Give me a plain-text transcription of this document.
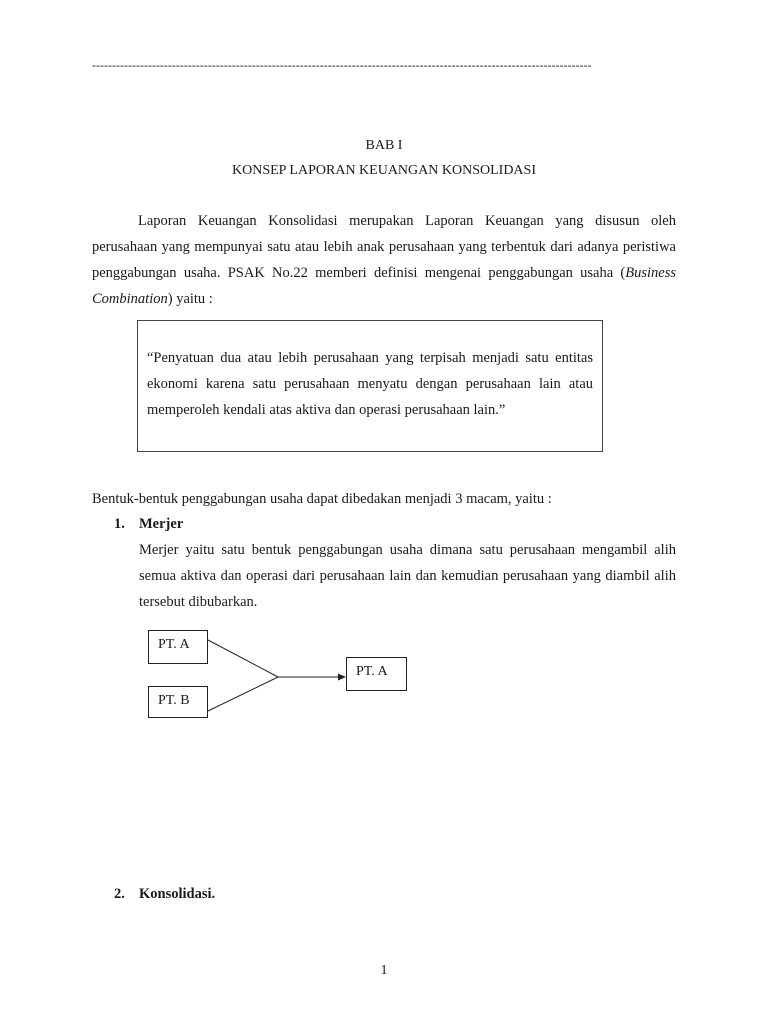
-----------------------------------------------------------------------------------------------------------------------------
BAB I
KONSEP LAPORAN KEUANGAN KONSOLIDASI
Laporan Keuangan Konsolidasi merupakan Laporan Keuangan yang disusun oleh perusahaan yang mempunyai satu atau lebih anak perusahaan yang terbentuk dari adanya peristiwa penggabungan usaha. PSAK No.22 memberi definisi mengenai penggabungan usaha (Business Combination) yaitu :
“Penyatuan dua atau lebih perusahaan yang terpisah menjadi satu entitas ekonomi karena satu perusahaan menyatu dengan perusahaan lain atau memperoleh kendali atas aktiva dan operasi perusahaan lain.”
Bentuk-bentuk penggabungan usaha dapat dibedakan menjadi 3 macam, yaitu :
1. Merjer
Merjer yaitu satu bentuk penggabungan usaha dimana satu perusahaan mengambil alih semua aktiva dan operasi dari perusahaan lain dan kemudian perusahaan yang diambil alih tersebut dibubarkan.
PT. A
PT. B
PT. A
2. Konsolidasi.
1
